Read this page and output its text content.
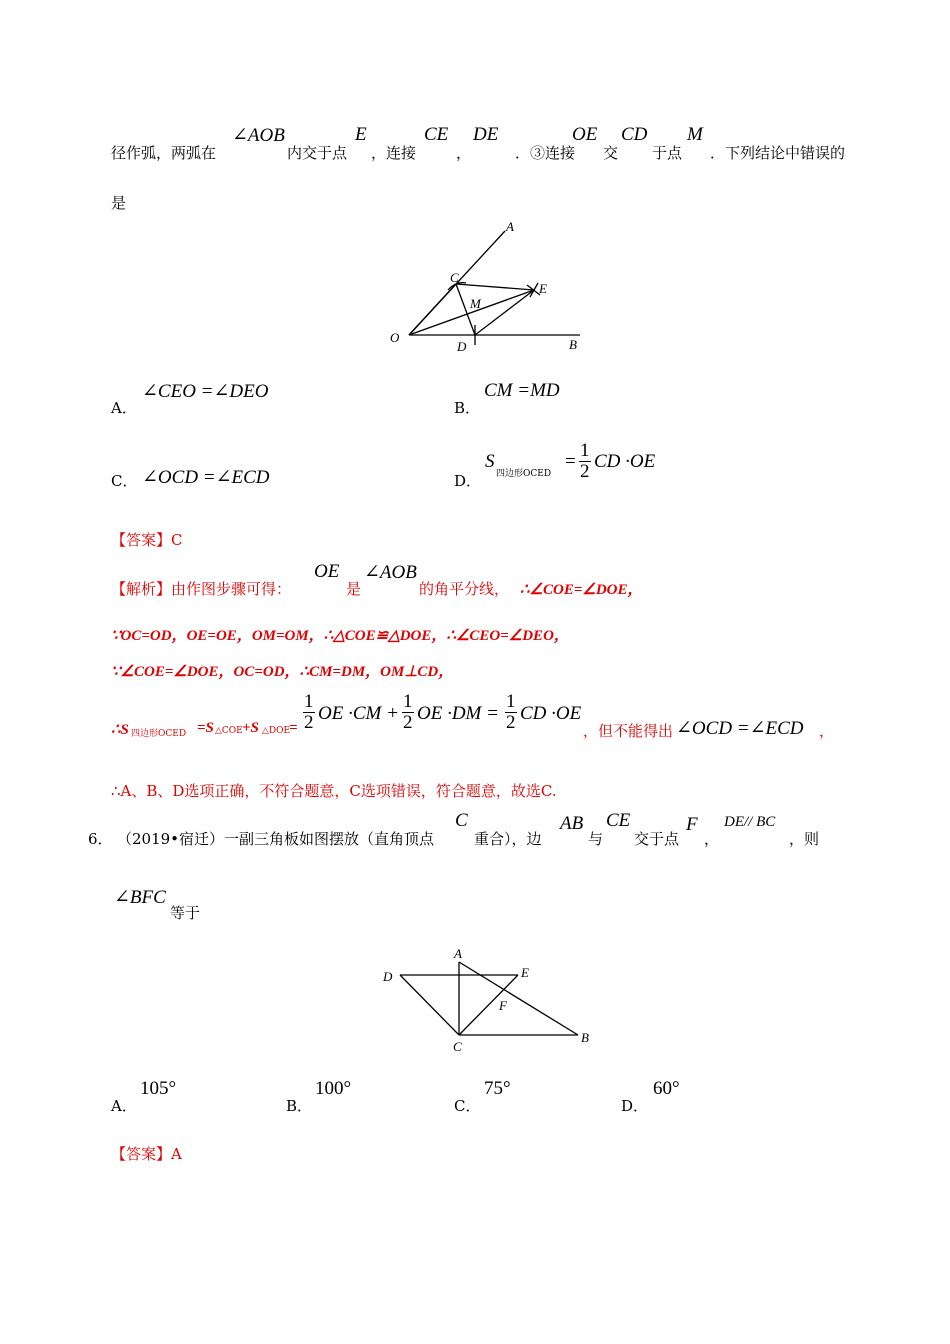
径作弧，两弧在
∠AOB
内交于点
E
，连接
CE
，
DE
．③连接
OE
交
CD
于点
M
．下列结论中错误的
是
A
C
E
M
O
D	B
A．
∠CEO =∠DEO
B．
CM =MD
C． ∠OCD =∠ECD	D．
S
四边形OCED
= $\frac{1}{2}$ CD ·OE
【答案】C
【解析】由作图步骤可得：
OE
是
∠AOB
的角平分线， ∴∠COE=∠DOE，
∵OC=OD，OE=OE，OM=OM，∴△COE≌△DOE，∴∠CEO=∠DEO，
∵∠COE=∠DOE，OC=OD，∴CM=DM，OM⊥CD，
∴S 四边形OCED =S △COE +S △DOE
= $\frac{1}{2}$ OE $\cdot CM + \frac{1}{2}$ OE $\cdot DM = \frac{1}{2}$ CD ·OE
，但不能得出 ∠OCD =∠ECD ，
∴A、B、D选项正确，不符合题意，C选项错误，符合题意，故选C.
6． （2019•宿迁）一副三角板如图摆放（直角顶点
C
重合），边
AB
与
CE
交于点
F
，
DE// BC
，则
∠BFC
等于
A
D	E
F
C
B
A．
105°
B．
100°
C．
75°
D．
60°
【答案】A
